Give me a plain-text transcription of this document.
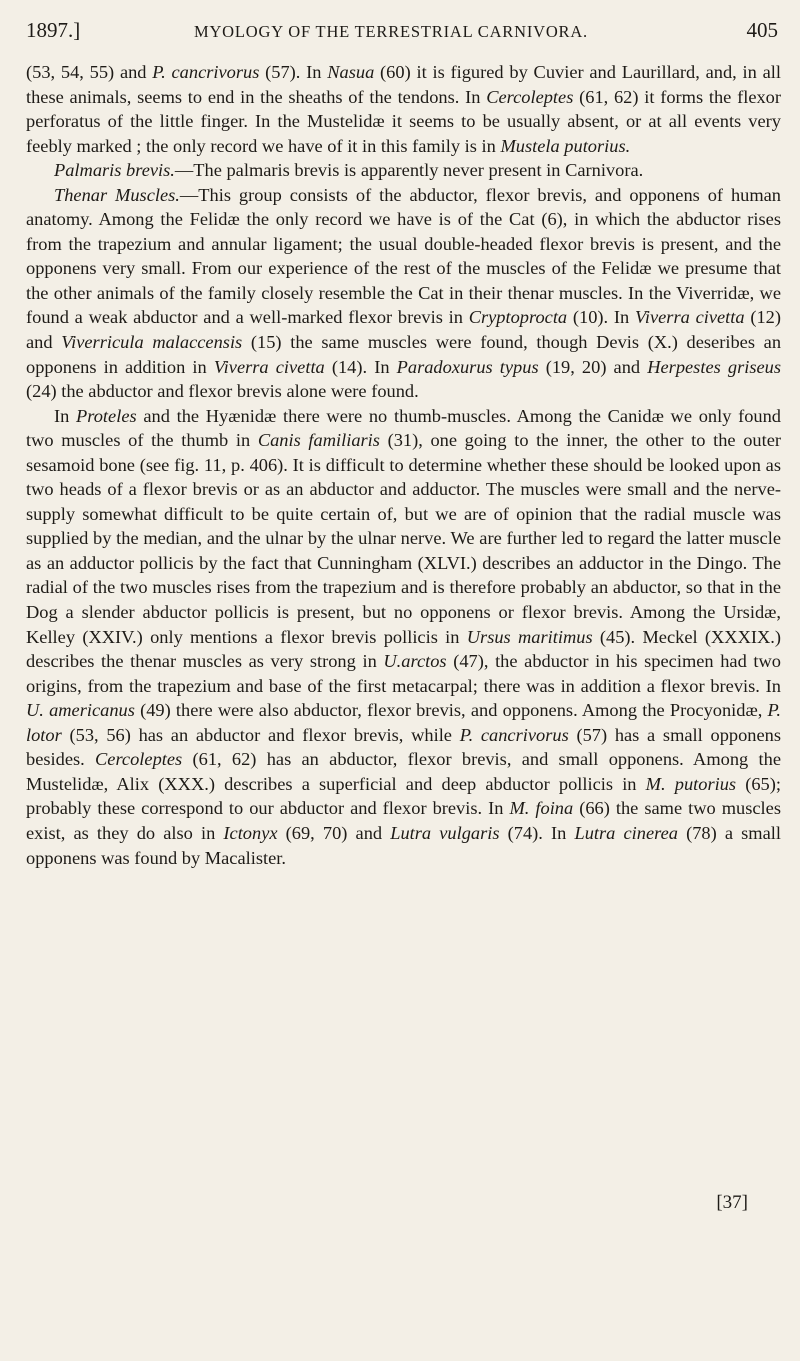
1897.]	MYOLOGY OF THE TERRESTRIAL CARNIVORA.	405

(53, 54, 55) and P. cancrivorus (57). In Nasua (60) it is figured by Cuvier and Laurillard, and, in all these animals, seems to end in the sheaths of the tendons. In Cercoleptes (61, 62) it forms the flexor perforatus of the little finger. In the Mustelidæ it seems to be usually absent, or at all events very feebly marked ; the only record we have of it in this family is in Mustela putorius.

Palmaris brevis.—The palmaris brevis is apparently never present in Carnivora.

Thenar Muscles.—This group consists of the abductor, flexor brevis, and opponens of human anatomy. Among the Felidæ the only record we have is of the Cat (6), in which the abductor rises from the trapezium and annular ligament; the usual double-headed flexor brevis is present, and the opponens very small. From our experience of the rest of the muscles of the Felidæ we presume that the other animals of the family closely resemble the Cat in their thenar muscles. In the Viverridæ, we found a weak abductor and a well-marked flexor brevis in Cryptoprocta (10). In Viverra civetta (12) and Viverricula malaccensis (15) the same muscles were found, though Devis (X.) deseribes an opponens in addition in Viverra civetta (14). In Paradoxurus typus (19, 20) and Herpestes griseus (24) the abductor and flexor brevis alone were found.

In Proteles and the Hyænidæ there were no thumb-muscles. Among the Canidæ we only found two muscles of the thumb in Canis familiaris (31), one going to the inner, the other to the outer sesamoid bone (see fig. 11, p. 406). It is difficult to determine whether these should be looked upon as two heads of a flexor brevis or as an abductor and adductor. The muscles were small and the nerve-supply somewhat difficult to be quite certain of, but we are of opinion that the radial muscle was supplied by the median, and the ulnar by the ulnar nerve. We are further led to regard the latter muscle as an adductor pollicis by the fact that Cunningham (XLVI.) describes an adductor in the Dingo. The radial of the two muscles rises from the trapezium and is therefore probably an abductor, so that in the Dog a slender abductor pollicis is present, but no opponens or flexor brevis. Among the Ursidæ, Kelley (XXIV.) only mentions a flexor brevis pollicis in Ursus maritimus (45). Meckel (XXXIX.) describes the thenar muscles as very strong in U.arctos (47), the abductor in his specimen had two origins, from the trapezium and base of the first metacarpal; there was in addition a flexor brevis. In U. americanus (49) there were also abductor, flexor brevis, and opponens. Among the Procyonidæ, P. lotor (53, 56) has an abductor and flexor brevis, while P. cancrivorus (57) has a small opponens besides. Cercoleptes (61, 62) has an abductor, flexor brevis, and small opponens. Among the Mustelidæ, Alix (XXX.) describes a superficial and deep abductor pollicis in M. putorius (65); probably these correspond to our abductor and flexor brevis. In M. foina (66) the same two muscles exist, as they do also in Ictonyx (69, 70) and Lutra vulgaris (74). In Lutra cinerea (78) a small opponens was found by Macalister.

[37]
